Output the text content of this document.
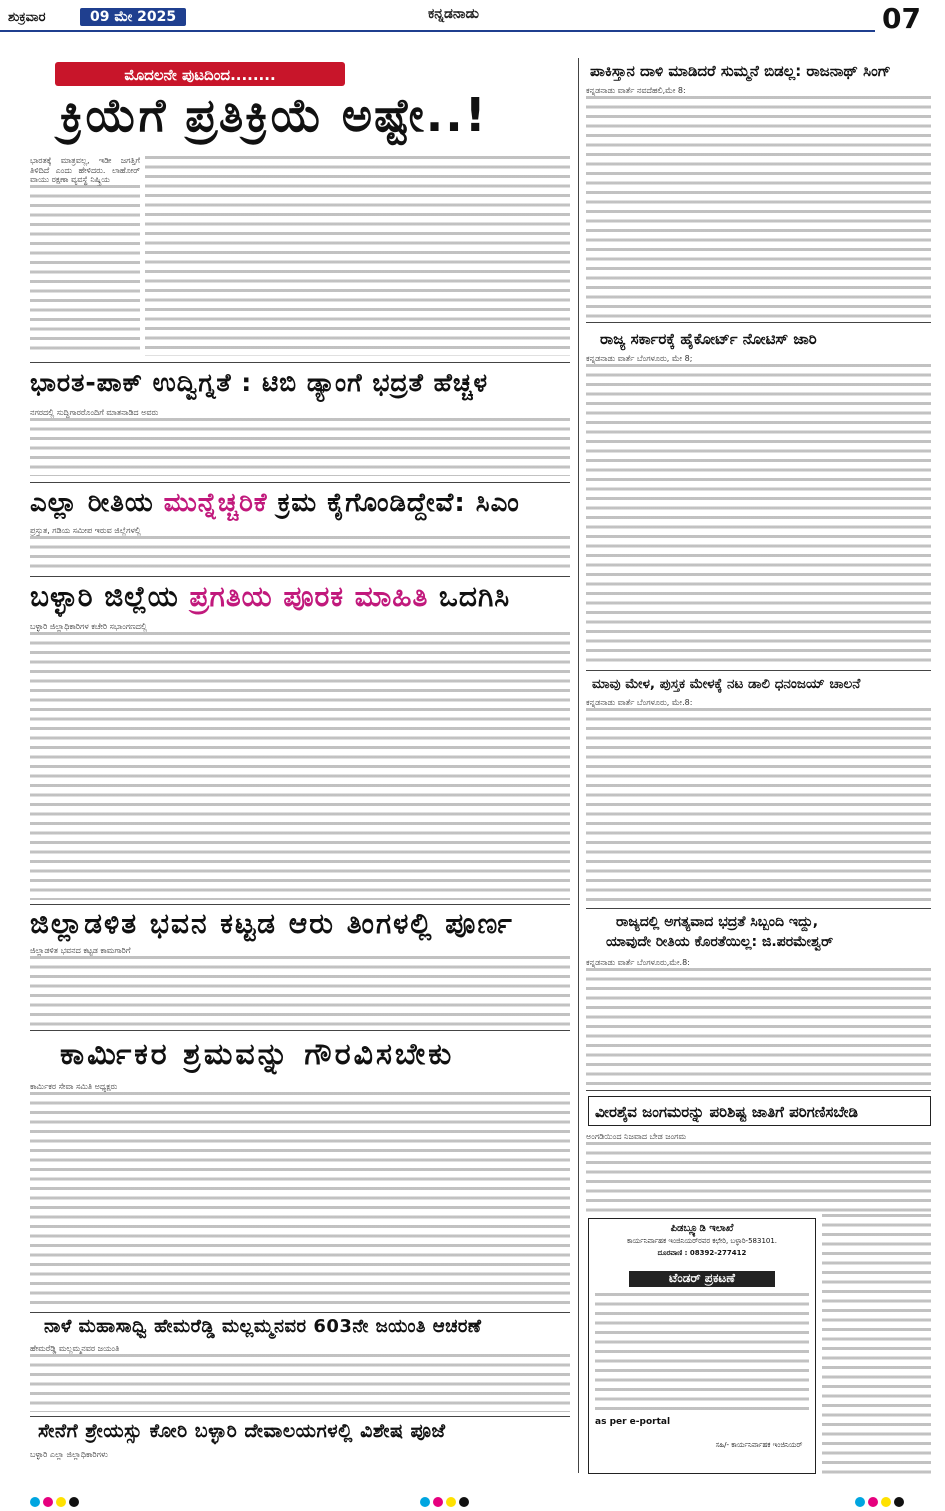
ಶುಕ್ರವಾರ	09 ಮೇ 2025	ಕನ್ನಡನಾಡು	07
ಮೊದಲನೇ ಪುಟದಿಂದ........
ಕ್ರಿಯೆಗೆ ಪ್ರತಿಕ್ರಿಯೆ ಅಷ್ಟೇ..!
ಭಾರತಕ್ಕೆ ಮಾತ್ರವಲ್ಲ, ಇಡೀ ಜಗತ್ತಿಗೆ ತಿಳಿದಿದೆ ಎಂದು ಹೇಳಿದರು. ಲಾಹೋರ್ ವಾಯು ರಕ್ಷಣಾ ವ್ಯವಸ್ಥೆ ನಿಷ್ಕ್ರಿಯ
ಭಾರತ-ಪಾಕ್ ಉದ್ವಿಗ್ನತೆ : ಟಿಬಿ ಡ್ಯಾಂಗೆ ಭದ್ರತೆ ಹೆಚ್ಚಳ
ನಗರದಲ್ಲಿ ಸುದ್ದಿಗಾರರೊಂದಿಗೆ ಮಾತನಾಡಿದ ಅವರು
ಎಲ್ಲಾ ರೀತಿಯ ಮುನ್ನೆಚ್ಚರಿಕೆ ಕ್ರಮ ಕೈಗೊಂಡಿದ್ದೇವೆ: ಸಿಎಂ
ಪ್ರಸ್ತುತ, ಗಡಿಯ ಸಮೀಪ ಇರುವ ಜಿಲ್ಲೆಗಳಲ್ಲಿ
ಬಳ್ಳಾರಿ ಜಿಲ್ಲೆಯ ಪ್ರಗತಿಯ ಪೂರಕ ಮಾಹಿತಿ ಒದಗಿಸಿ
ಬಳ್ಳಾರಿ ಜಿಲ್ಲಾಧಿಕಾರಿಗಳ ಕಚೇರಿ ಸಭಾಂಗಣದಲ್ಲಿ
ಜಿಲ್ಲಾಡಳಿತ ಭವನ ಕಟ್ಟಡ ಆರು ತಿಂಗಳಲ್ಲಿ ಪೂರ್ಣ
ಜಿಲ್ಲಾಡಳಿತ ಭವನದ ಕಟ್ಟಡ ಕಾಮಗಾರಿಗೆ
ಕಾರ್ಮಿಕರ ಶ್ರಮವನ್ನು ಗೌರವಿಸಬೇಕು
ಕಾರ್ಮಿಕರ ಸೇವಾ ಸಮಿತಿ ಅಧ್ಯಕ್ಷರು
ನಾಳೆ ಮಹಾಸಾಧ್ವಿ ಹೇಮರೆಡ್ಡಿ ಮಲ್ಲಮ್ಮನವರ 603ನೇ ಜಯಂತಿ ಆಚರಣೆ
ಹೇಮರೆಡ್ಡಿ ಮಲ್ಲಮ್ಮನವರ ಜಯಂತಿ
ಸೇನೆಗೆ ಶ್ರೇಯಸ್ಸು ಕೋರಿ ಬಳ್ಳಾರಿ ದೇವಾಲಯಗಳಲ್ಲಿ ವಿಶೇಷ ಪೂಜೆ
ಬಳ್ಳಾರಿ ಎಲ್ಲಾ ಜಿಲ್ಲಾಧಿಕಾರಿಗಳು
ಪಾಕಿಸ್ತಾನ ದಾಳಿ ಮಾಡಿದರೆ ಸುಮ್ಮನೆ ಬಿಡಲ್ಲ: ರಾಜನಾಥ್ ಸಿಂಗ್
ಕನ್ನಡನಾಡು ವಾರ್ತೆ ನವದೆಹಲಿ,ಮೇ 8:
ರಾಜ್ಯ ಸರ್ಕಾರಕ್ಕೆ ಹೈಕೋರ್ಟ್ ನೋಟಿಸ್ ಜಾರಿ
ಕನ್ನಡನಾಡು ವಾರ್ತೆ ಬೆಂಗಳೂರು, ಮೇ 8;
ಮಾವು ಮೇಳ, ಪುಸ್ತಕ ಮೇಳಕ್ಕೆ ನಟ ಡಾಲಿ ಧನಂಜಯ್ ಚಾಲನೆ
ಕನ್ನಡನಾಡು ವಾರ್ತೆ ಬೆಂಗಳೂರು, ಮೇ.8:
ರಾಜ್ಯದಲ್ಲಿ ಅಗತ್ಯವಾದ ಭದ್ರತೆ ಸಿಬ್ಬಂದಿ ಇದ್ದು,
ಯಾವುದೇ ರೀತಿಯ ಕೊರತೆಯಿಲ್ಲ: ಜಿ.ಪರಮೇಶ್ವರ್
ಕನ್ನಡನಾಡು ವಾರ್ತೆ ಬೆಂಗಳೂರು,ಮೇ.8:
ವೀರಶೈವ ಜಂಗಮರನ್ನು ಪರಿಶಿಷ್ಟ ಜಾತಿಗೆ ಪರಿಗಣಿಸಬೇಡಿ
ಅಂಗಡಿಯಿಂದ ನಿಜವಾದ ಬೇಡ ಜಂಗಮ
ಪಿಡಬ್ಲ್ಯೂಡಿ ಇಲಾಖೆ
ಕಾರ್ಯನಿರ್ವಾಹಕ ಇಂಜಿನಿಯರ್‌ರವರ ಕಛೇರಿ, ಬಳ್ಳಾರಿ-583101.
ದೂರವಾಣಿ : 08392-277412
ಟೆಂಡರ್ ಪ್ರಕಟಣೆ
as per e-portal
ಸಹಿ/- ಕಾರ್ಯನಿರ್ವಾಹಕ ಇಂಜಿನಿಯರ್
